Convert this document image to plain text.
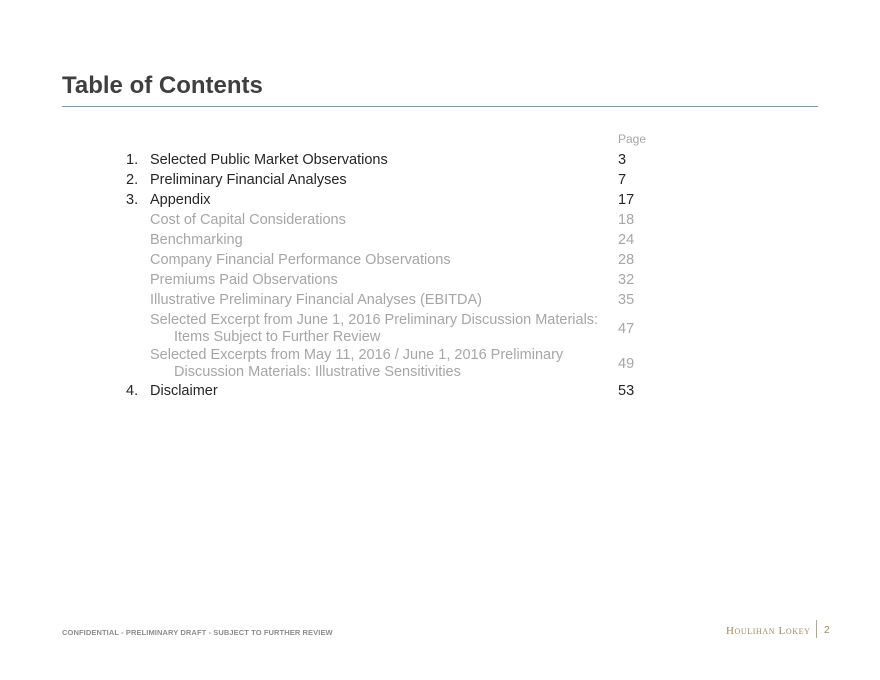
Table of Contents
Page
1. Selected Public Market Observations	3
2. Preliminary Financial Analyses	7
3. Appendix	17
Cost of Capital Considerations	18
Benchmarking	24
Company Financial Performance Observations	28
Premiums Paid Observations	32
Illustrative Preliminary Financial Analyses (EBITDA)	35
Selected Excerpt from June 1, 2016 Preliminary Discussion Materials:
Items Subject to Further Review	47
Selected Excerpts from May 11, 2016 / June 1, 2016 Preliminary
Discussion Materials: Illustrative Sensitivities	49
4. Disclaimer	53
CONFIDENTIAL - PRELIMINARY DRAFT - SUBJECT TO FURTHER REVIEW	Houlihan Lokey 2
